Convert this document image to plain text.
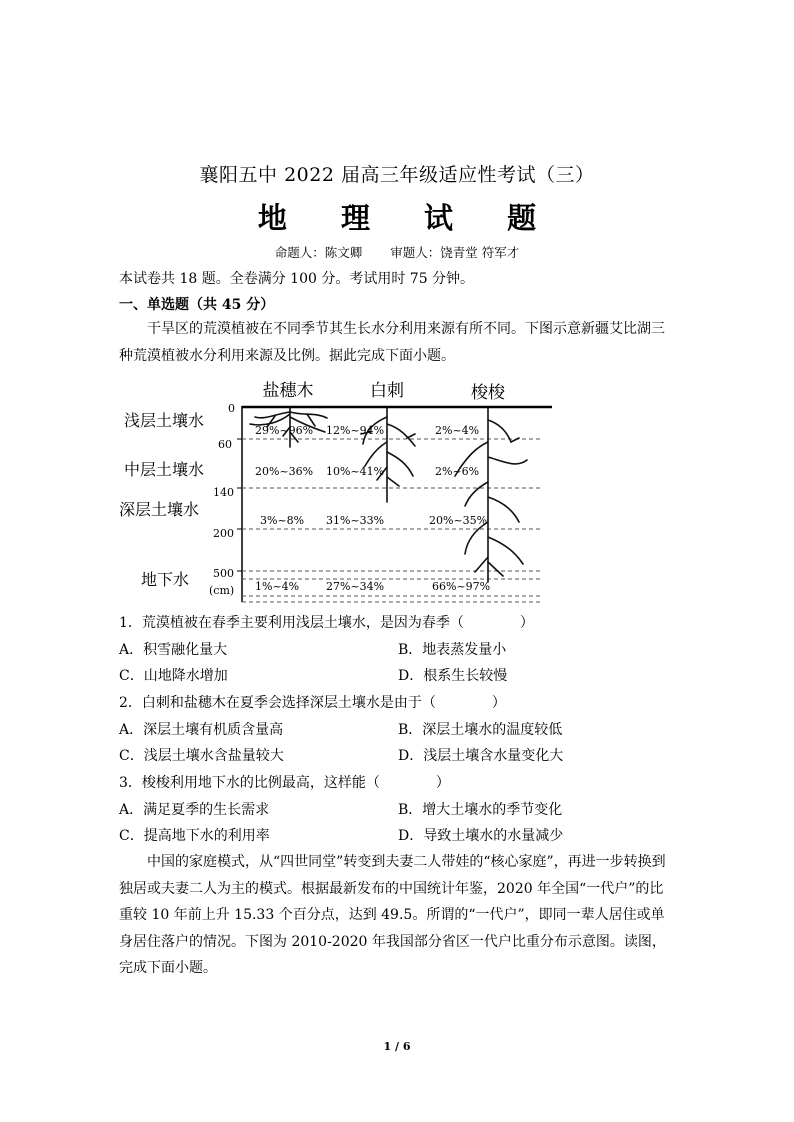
襄阳五中 2022 届高三年级适应性考试（三）
地 理 试 题
命题人：陈文卿 审题人：饶青堂 符军才
本试卷共 18 题。全卷满分 100 分。考试用时 75 分钟。
一、单选题（共 45 分）
干旱区的荒漠植被在不同季节其生长水分利用来源有所不同。下图示意新疆艾比湖三种荒漠植被水分利用来源及比例。据此完成下面小题。
盐穗木	白刺	梭梭
浅层土壤水
中层土壤水
深层土壤水
地下水
0
60
140
200
500
(cm)
29%~96% 12%~94%	2%~4%
20%~36% 10%~41%	2%~6%
3%~8% 31%~33%	20%~35%
1%~4% 27%~34%	66%~97%
1．荒漠植被在春季主要利用浅层土壤水，是因为春季（　　　　）
A．积雪融化量大	B．地表蒸发量小
C．山地降水增加	D．根系生长较慢
2．白刺和盐穗木在夏季会选择深层土壤水是由于（　　　　）
A．深层土壤有机质含量高	B．深层土壤水的温度较低
C．浅层土壤水含盐量较大	D．浅层土壤含水量变化大
3．梭梭利用地下水的比例最高，这样能（　　　　）
A．满足夏季的生长需求	B．增大土壤水的季节变化
C．提高地下水的利用率	D．导致土壤水的水量减少
中国的家庭模式，从“四世同堂”转变到夫妻二人带娃的“核心家庭”，再进一步转换到独居或夫妻二人为主的模式。根据最新发布的中国统计年鉴，2020 年全国“一代户”的比重较 10 年前上升 15.33 个百分点，达到 49.5。所谓的“一代户”，即同一辈人居住或单身居住落户的情况。下图为 2010-2020 年我国部分省区一代户比重分布示意图。读图，完成下面小题。
1 / 6
